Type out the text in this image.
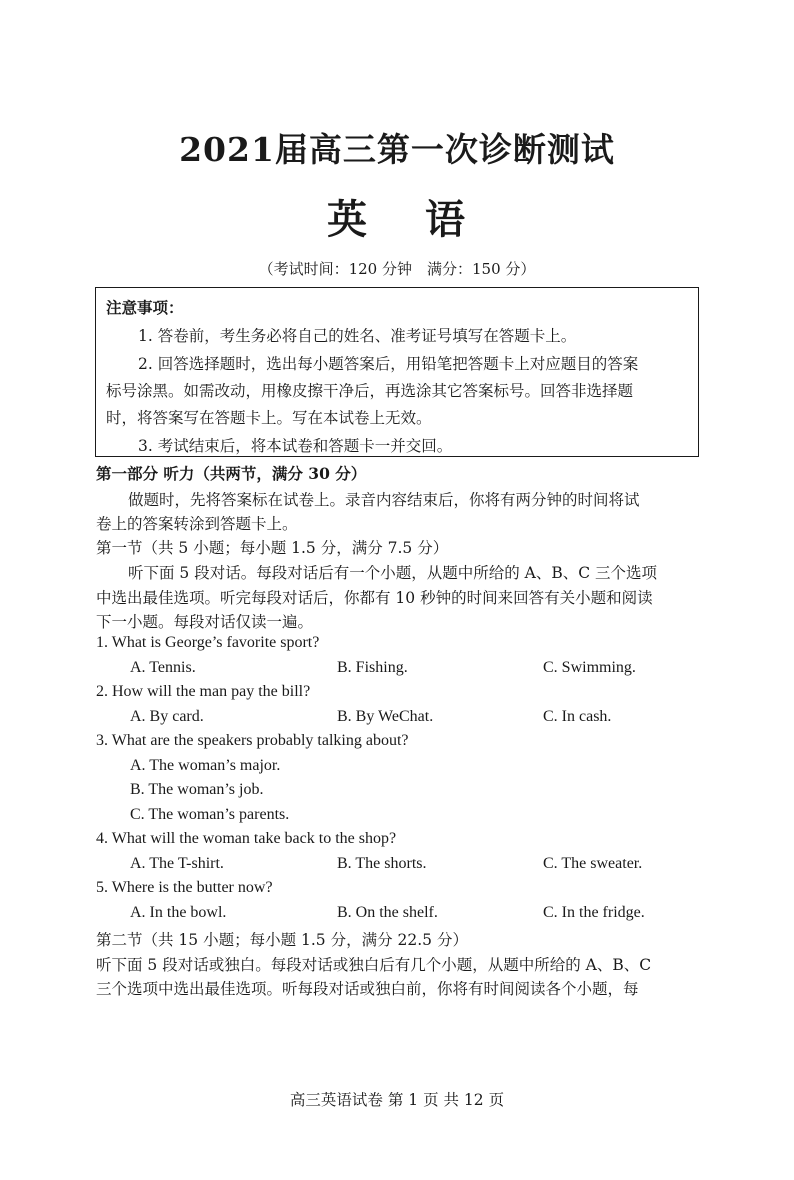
2021届高三第一次诊断测试
英 语
（考试时间：120 分钟　满分：150 分）
注意事项：
1. 答卷前，考生务必将自己的姓名、准考证号填写在答题卡上。
2. 回答选择题时，选出每小题答案后，用铅笔把答题卡上对应题目的答案
标号涂黑。如需改动，用橡皮擦干净后，再选涂其它答案标号。回答非选择题
时，将答案写在答题卡上。写在本试卷上无效。
3. 考试结束后，将本试卷和答题卡一并交回。
第一部分 听力（共两节，满分 30 分）
做题时，先将答案标在试卷上。录音内容结束后，你将有两分钟的时间将试
卷上的答案转涂到答题卡上。
第一节（共 5 小题；每小题 1.5 分，满分 7.5 分）
听下面 5 段对话。每段对话后有一个小题，从题中所给的 A、B、C 三个选项
中选出最佳选项。听完每段对话后，你都有 10 秒钟的时间来回答有关小题和阅读
下一小题。每段对话仅读一遍。
1. What is George’s favorite sport?
A. Tennis.	B. Fishing.	C. Swimming.
2. How will the man pay the bill?
A. By card.	B. By WeChat.	C. In cash.
3. What are the speakers probably talking about?
A. The woman’s major.
B. The woman’s job.
C. The woman’s parents.
4. What will the woman take back to the shop?
A. The T-shirt.	B. The shorts.	C. The sweater.
5. Where is the butter now?
A. In the bowl.	B. On the shelf.	C. In the fridge.
第二节（共 15 小题；每小题 1.5 分，满分 22.5 分）
听下面 5 段对话或独白。每段对话或独白后有几个小题，从题中所给的 A、B、C
三个选项中选出最佳选项。听每段对话或独白前，你将有时间阅读各个小题，每
高三英语试卷 第 1 页 共 12 页
